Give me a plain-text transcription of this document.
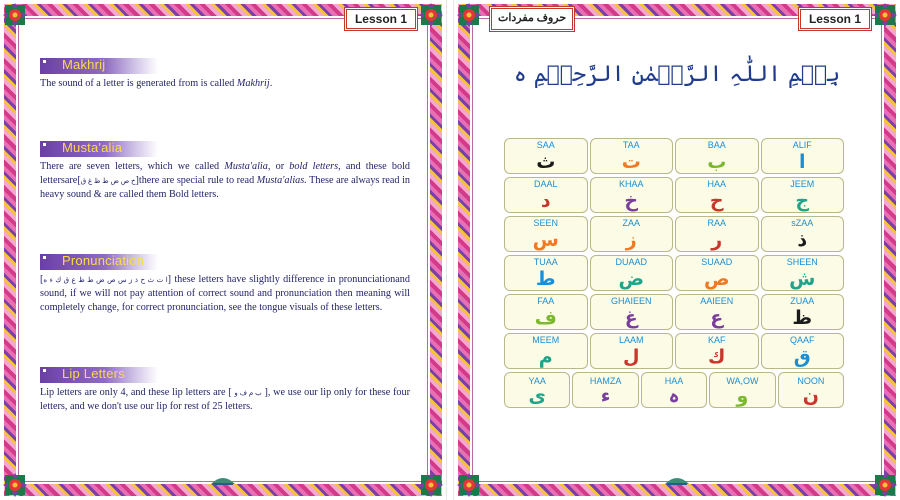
Lesson 1
Makhrij

The sound of a letter is generated from is called Makhrij.

Musta'alia

There are seven letters, which we called Musta'alia, or bold letters, and these bold lettersare[خ ص ض ط ظ غ ق]there are special rule to read Musta'alias. These are always read in heavy sound & are called them Bold letters.

Pronunciation

[ا ت ث ح ذ ز س ص ض ط ظ ع ق ك ء ه] these letters have slightly difference in pronunciationand sound, if we will not pay attention of correct sound and pronunciation then meaning will completely change, for correct pronunciation, see the tongue visuals of these letters.

Lip Letters

Lip letters are only 4, and these lip letters are [ ب م ف و ], we use our lip only for these four letters, and we don't use our lip for rest of 25 letters.

حروف مفردات	Lesson 1
بِسۡمِ اللّٰہِ الرَّحۡمٰنِ الرَّحِیۡمِ ہ
SAA
ث
TAA
ت
BAA
ب
ALIF
ا
DAAL
د
KHAA
خ
HAA
ح
JEEM
ج
SEEN
س
ZAA
ز
RAA
ر
sZAA
ذ
TUAA
ط
DUAAD
ض
SUAAD
ص
SHEEN
ش
FAA
ف
GHAIEEN
غ
AAIEEN
ع
ZUAA
ظ
MEEM
م
LAAM
ل
KAF
ك
QAAF
ق
YAA
ى
HAMZA
ء
HAA
ہ
WA,OW
و
NOON
ن
